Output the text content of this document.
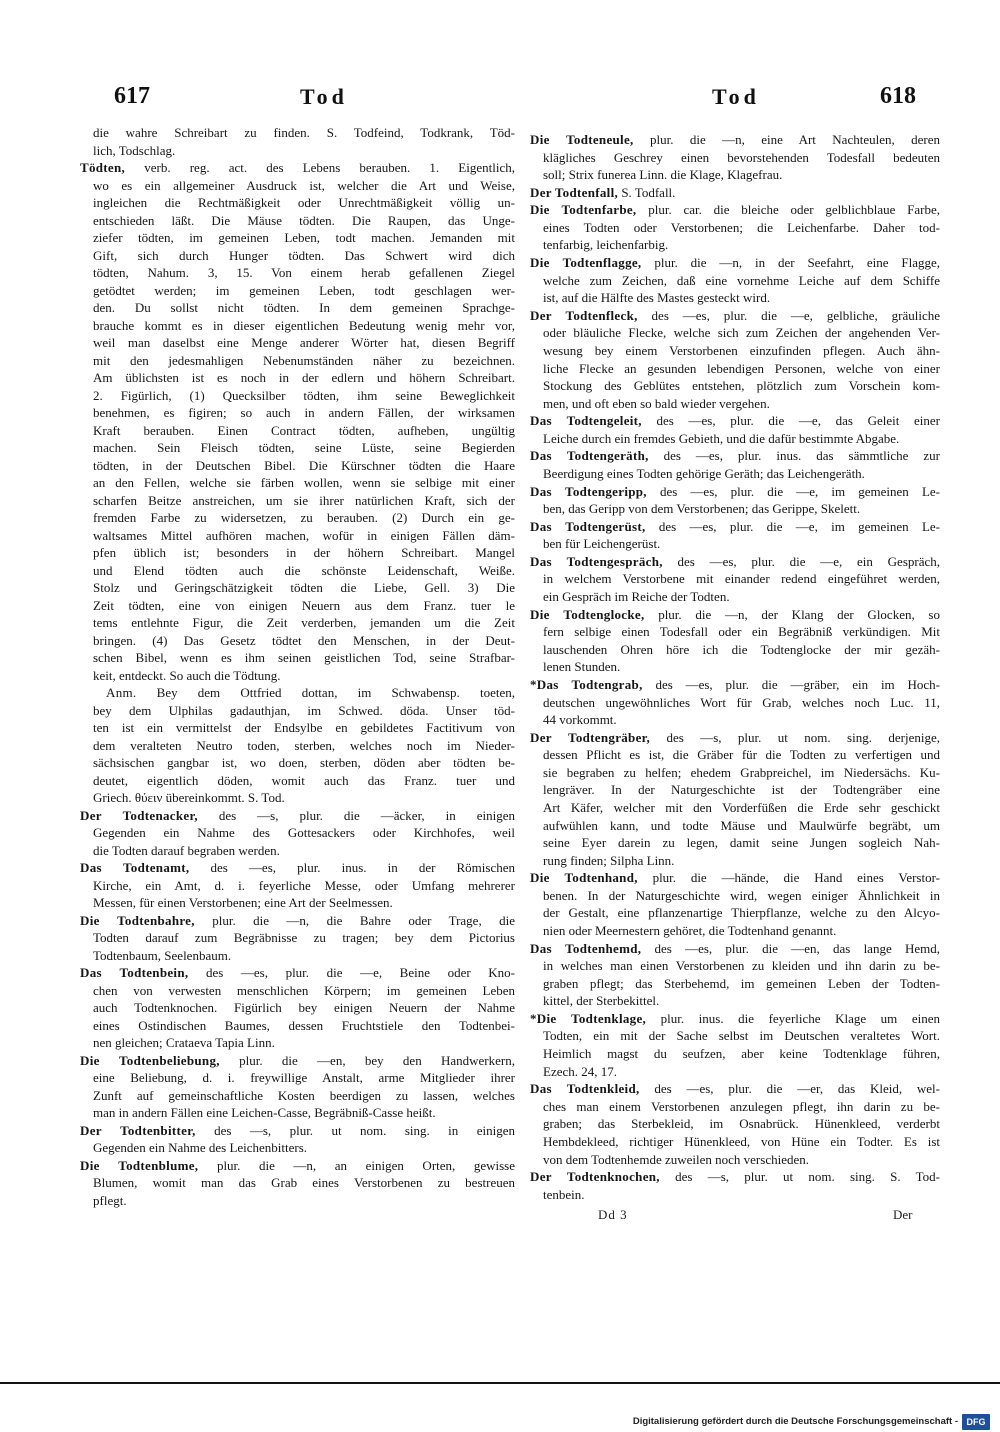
617	Tod	Tod	618
die wahre Schreibart zu finden. S. Todfeind, Todkrank, Töd-
lich, Todschlag.
Tödten, verb. reg. act. des Lebens berauben. 1. Eigentlich,
wo es ein allgemeiner Ausdruck ist, welcher die Art und Weise,
ingleichen die Rechtmäßigkeit oder Unrechtmäßigkeit völlig un-
entschieden läßt. Die Mäuse tödten. Die Raupen, das Unge-
ziefer tödten, im gemeinen Leben, todt machen. Jemanden mit
Gift, sich durch Hunger tödten. Das Schwert wird dich
tödten, Nahum. 3, 15. Von einem herab gefallenen Ziegel
getödtet werden; im gemeinen Leben, todt geschlagen wer-
den. Du sollst nicht tödten. In dem gemeinen Sprachge-
brauche kommt es in dieser eigentlichen Bedeutung wenig mehr vor,
weil man daselbst eine Menge anderer Wörter hat, diesen Begriff
mit den jedesmahligen Nebenumständen näher zu bezeichnen.
Am üblichsten ist es noch in der edlern und höhern Schreibart.
2. Figürlich, (1) Quecksilber tödten, ihm seine Beweglichkeit
benehmen, es figiren; so auch in andern Fällen, der wirksamen
Kraft berauben. Einen Contract tödten, aufheben, ungültig
machen. Sein Fleisch tödten, seine Lüste, seine Begierden
tödten, in der Deutschen Bibel. Die Kürschner tödten die Haare
an den Fellen, welche sie färben wollen, wenn sie selbige mit einer
scharfen Beitze anstreichen, um sie ihrer natürlichen Kraft, sich der
fremden Farbe zu widersetzen, zu berauben. (2) Durch ein ge-
waltsames Mittel aufhören machen, wofür in einigen Fällen däm-
pfen üblich ist; besonders in der höhern Schreibart. Mangel
und Elend tödten auch die schönste Leidenschaft, Weiße.
Stolz und Geringschätzigkeit tödten die Liebe, Gell. 3) Die
Zeit tödten, eine von einigen Neuern aus dem Franz. tuer le
tems entlehnte Figur, die Zeit verderben, jemanden um die Zeit
bringen. (4) Das Gesetz tödtet den Menschen, in der Deut-
schen Bibel, wenn es ihm seinen geistlichen Tod, seine Strafbar-
keit, entdeckt. So auch die Tödtung.
Anm. Bey dem Ottfried dottan, im Schwabensp. toeten,
bey dem Ulphilas gadauthjan, im Schwed. döda. Unser töd-
ten ist ein vermittelst der Endsylbe en gebildetes Factitivum von
dem veralteten Neutro toden, sterben, welches noch im Nieder-
sächsischen gangbar ist, wo doen, sterben, döden aber tödten be-
deutet, eigentlich döden, womit auch das Franz. tuer und
Griech. θύειν übereinkommt. S. Tod.
Der Todtenacker, des —s, plur. die —äcker, in einigen
Gegenden ein Nahme des Gottesackers oder Kirchhofes, weil
die Todten darauf begraben werden.
Das Todtenamt, des —es, plur. inus. in der Römischen
Kirche, ein Amt, d. i. feyerliche Messe, oder Umfang mehrerer
Messen, für einen Verstorbenen; eine Art der Seelmessen.
Die Todtenbahre, plur. die —n, die Bahre oder Trage, die
Todten darauf zum Begräbnisse zu tragen; bey dem Pictorius
Todtenbaum, Seelenbaum.
Das Todtenbein, des —es, plur. die —e, Beine oder Kno-
chen von verwesten menschlichen Körpern; im gemeinen Leben
auch Todtenknochen. Figürlich bey einigen Neuern der Nahme
eines Ostindischen Baumes, dessen Fruchtstiele den Todtenbei-
nen gleichen; Crataeva Tapia Linn.
Die Todtenbeliebung, plur. die —en, bey den Handwerkern,
eine Beliebung, d. i. freywillige Anstalt, arme Mitglieder ihrer
Zunft auf gemeinschaftliche Kosten beerdigen zu lassen, welches
man in andern Fällen eine Leichen-Casse, Begräbniß-Casse heißt.
Der Todtenbitter, des —s, plur. ut nom. sing. in einigen
Gegenden ein Nahme des Leichenbitters.
Die Todtenblume, plur. die —n, an einigen Orten, gewisse
Blumen, womit man das Grab eines Verstorbenen zu bestreuen
pflegt.
Die Todteneule, plur. die —n, eine Art Nachteulen, deren
klägliches Geschrey einen bevorstehenden Todesfall bedeuten
soll; Strix funerea Linn. die Klage, Klagefrau.
Der Todtenfall, S. Todfall.
Die Todtenfarbe, plur. car. die bleiche oder gelblichblaue Farbe,
eines Todten oder Verstorbenen; die Leichenfarbe. Daher tod-
tenfarbig, leichenfarbig.
Die Todtenflagge, plur. die —n, in der Seefahrt, eine Flagge,
welche zum Zeichen, daß eine vornehme Leiche auf dem Schiffe
ist, auf die Hälfte des Mastes gesteckt wird.
Der Todtenfleck, des —es, plur. die —e, gelbliche, gräuliche
oder bläuliche Flecke, welche sich zum Zeichen der angehenden Ver-
wesung bey einem Verstorbenen einzufinden pflegen. Auch ähn-
liche Flecke an gesunden lebendigen Personen, welche von einer
Stockung des Geblütes entstehen, plötzlich zum Vorschein kom-
men, und oft eben so bald wieder vergehen.
Das Todtengeleit, des —es, plur. die —e, das Geleit einer
Leiche durch ein fremdes Gebieth, und die dafür bestimmte Abgabe.
Das Todtengeräth, des —es, plur. inus. das sämmtliche zur
Beerdigung eines Todten gehörige Geräth; das Leichengeräth.
Das Todtengeripp, des —es, plur. die —e, im gemeinen Le-
ben, das Geripp von dem Verstorbenen; das Gerippe, Skelett.
Das Todtengerüst, des —es, plur. die —e, im gemeinen Le-
ben für Leichengerüst.
Das Todtengespräch, des —es, plur. die —e, ein Gespräch,
in welchem Verstorbene mit einander redend eingeführet werden,
ein Gespräch im Reiche der Todten.
Die Todtenglocke, plur. die —n, der Klang der Glocken, so
fern selbige einen Todesfall oder ein Begräbniß verkündigen. Mit
lauschenden Ohren höre ich die Todtenglocke der mir gezäh-
lenen Stunden.
*Das Todtengrab, des —es, plur. die —gräber, ein im Hoch-
deutschen ungewöhnliches Wort für Grab, welches noch Luc. 11,
44 vorkommt.
Der Todtengräber, des —s, plur. ut nom. sing. derjenige,
dessen Pflicht es ist, die Gräber für die Todten zu verfertigen und
sie begraben zu helfen; ehedem Grabpreichel, im Niedersächs. Ku-
lengräver. In der Naturgeschichte ist der Todtengräber eine
Art Käfer, welcher mit den Vorderfüßen die Erde sehr geschickt
aufwühlen kann, und todte Mäuse und Maulwürfe begräbt, um
seine Eyer darein zu legen, damit seine Jungen sogleich Nah-
rung finden; Silpha Linn.
Die Todtenhand, plur. die —hände, die Hand eines Verstor-
benen. In der Naturgeschichte wird, wegen einiger Ähnlichkeit in
der Gestalt, eine pflanzenartige Thierpflanze, welche zu den Alcyo-
nien oder Meernestern gehöret, die Todtenhand genannt.
Das Todtenhemd, des —es, plur. die —en, das lange Hemd,
in welches man einen Verstorbenen zu kleiden und ihn darin zu be-
graben pflegt; das Sterbehemd, im gemeinen Leben der Todten-
kittel, der Sterbekittel.
*Die Todtenklage, plur. inus. die feyerliche Klage um einen
Todten, ein mit der Sache selbst im Deutschen veraltetes Wort.
Heimlich magst du seufzen, aber keine Todtenklage führen,
Ezech. 24, 17.
Das Todtenkleid, des —es, plur. die —er, das Kleid, wel-
ches man einem Verstorbenen anzulegen pflegt, ihn darin zu be-
graben; das Sterbekleid, im Osnabrück. Hünenkleed, verderbt
Hembdekleed, richtiger Hünenkleed, von Hüne ein Todter. Es ist
von dem Todtenhemde zuweilen noch verschieden.
Der Todtenknochen, des —s, plur. ut nom. sing. S. Tod-
tenbein.
Dd 3	Der
Digitalisierung gefördert durch die Deutsche Forschungsgemeinschaft - DFG
